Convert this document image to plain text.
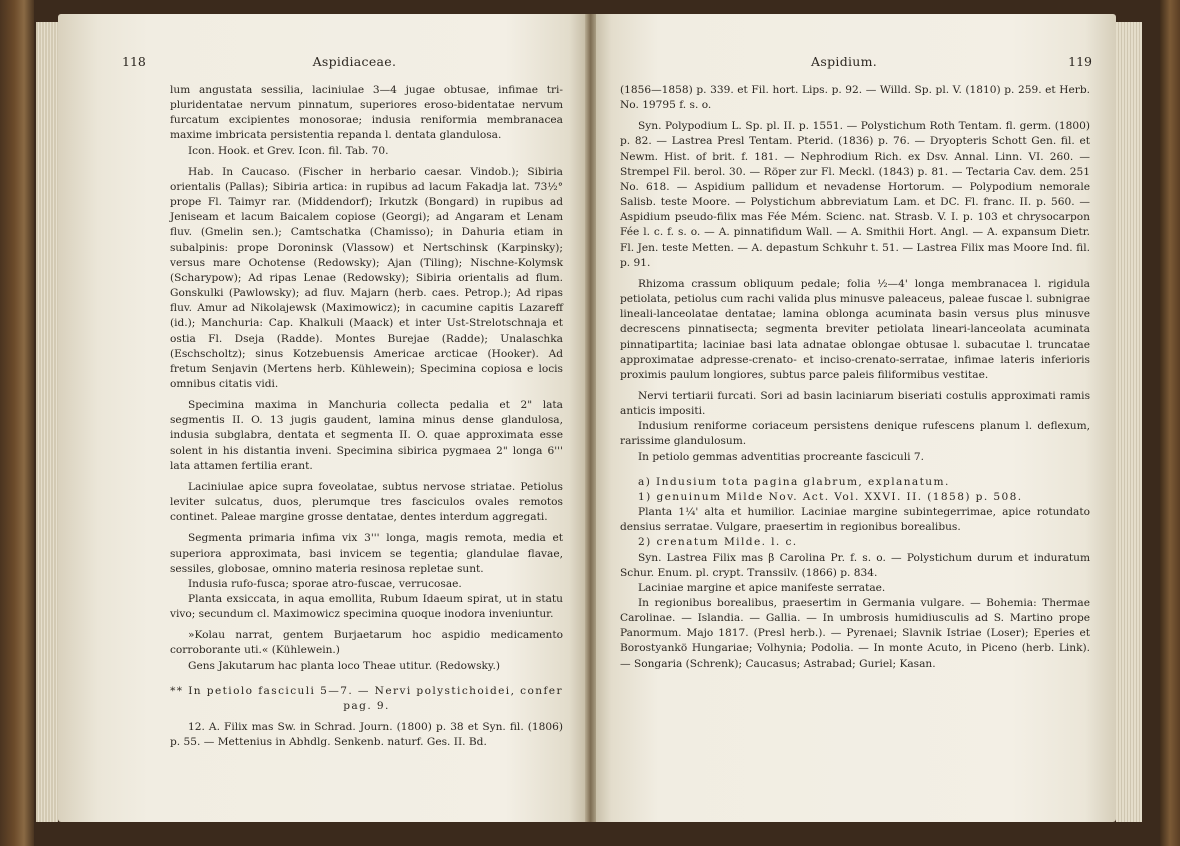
118	Aspidiaceae.

lum angustata sessilia, laciniulae 3—4 jugae obtusae, infimae tri-pluridentatae nervum pinnatum, superiores eroso-bidentatae nervum furcatum excipientes monosorae; indusia reniformia membranacea maxime imbricata persistentia repanda l. dentata glandulosa.

Icon. Hook. et Grev. Icon. fil. Tab. 70.

Hab. In Caucaso. (Fischer in herbario caesar. Vindob.); Sibiria orientalis (Pallas); Sibiria artica: in rupibus ad lacum Fakadja lat. 73½° prope Fl. Taimyr rar. (Middendorf); Irkutzk (Bongard) in rupibus ad Jeniseam et lacum Baicalem copiose (Georgi); ad Angaram et Lenam fluv. (Gmelin sen.); Camtschatka (Chamisso); in Dahuria etiam in subalpinis: prope Doroninsk (Vlassow) et Nertschinsk (Karpinsky); versus mare Ochotense (Redowsky); Ajan (Tiling); Nischne-Kolymsk (Scharypow); Ad ripas Lenae (Redowsky); Sibiria orientalis ad flum. Gonskulki (Pawlowsky); ad fluv. Majarn (herb. caes. Petrop.); Ad ripas fluv. Amur ad Nikolajewsk (Maximowicz); in cacumine capitis Lazareff (id.); Manchuria: Cap. Khalkuli (Maack) et inter Ust-Strelotschnaja et ostia Fl. Dseja (Radde). Montes Burejae (Radde); Unalaschka (Eschscholtz); sinus Kotzebuensis Americae arcticae (Hooker). Ad fretum Senjavin (Mertens herb. Kühlewein); Specimina copiosa e locis omnibus citatis vidi.

Specimina maxima in Manchuria collecta pedalia et 2" lata segmentis II. O. 13 jugis gaudent, lamina minus dense glandulosa, indusia subglabra, dentata et segmenta II. O. quae approximata esse solent in his distantia inveni. Specimina sibirica pygmaea 2" longa 6''' lata attamen fertilia erant.

Laciniulae apice supra foveolatae, subtus nervose striatae. Petiolus leviter sulcatus, duos, plerumque tres fasciculos ovales remotos continet. Paleae margine grosse dentatae, dentes interdum aggregati.

Segmenta primaria infima vix 3''' longa, magis remota, media et superiora approximata, basi invicem se tegentia; glandulae flavae, sessiles, globosae, omnino materia resinosa repletae sunt.

Indusia rufo-fusca; sporae atro-fuscae, verrucosae.

Planta exsiccata, in aqua emollita, Rubum Idaeum spirat, ut in statu vivo; secundum cl. Maximowicz specimina quoque inodora inveniuntur.

»Kolau narrat, gentem Burjaetarum hoc aspidio medicamento corroborante uti.« (Kühlewein.)

Gens Jakutarum hac planta loco Theae utitur. (Redowsky.)

** In petiolo fasciculi 5—7. — Nervi polystichoidei, confer pag. 9.

12. A. Filix mas Sw. in Schrad. Journ. (1800) p. 38 et Syn. fil. (1806) p. 55. — Mettenius in Abhdlg. Senkenb. naturf. Ges. II. Bd.

Aspidium.	119

(1856—1858) p. 339. et Fil. hort. Lips. p. 92. — Willd. Sp. pl. V. (1810) p. 259. et Herb. No. 19795 f. s. o.

Syn. Polypodium L. Sp. pl. II. p. 1551. — Polystichum Roth Tentam. fl. germ. (1800) p. 82. — Lastrea Presl Tentam. Pterid. (1836) p. 76. — Dryopteris Schott Gen. fil. et Newm. Hist. of brit. f. 181. — Nephrodium Rich. ex Dsv. Annal. Linn. VI. 260. — Strempel Fil. berol. 30. — Röper zur Fl. Meckl. (1843) p. 81. — Tectaria Cav. dem. 251 No. 618. — Aspidium pallidum et nevadense Hortorum. — Polypodium nemorale Salisb. teste Moore. — Polystichum abbreviatum Lam. et DC. Fl. franc. II. p. 560. — Aspidium pseudo-filix mas Fée Mém. Scienc. nat. Strasb. V. I. p. 103 et chrysocarpon Fée l. c. f. s. o. — A. pinnatifidum Wall. — A. Smithii Hort. Angl. — A. expansum Dietr. Fl. Jen. teste Metten. — A. depastum Schkuhr t. 51. — Lastrea Filix mas Moore Ind. fil. p. 91.

Rhizoma crassum obliquum pedale; folia ½—4' longa membranacea l. rigidula petiolata, petiolus cum rachi valida plus minusve paleaceus, paleae fuscae l. subnigrae lineali-lanceolatae dentatae; lamina oblonga acuminata basin versus plus minusve decrescens pinnatisecta; segmenta breviter petiolata lineari-lanceolata acuminata pinnatipartita; laciniae basi lata adnatae oblongae obtusae l. subacutae l. truncatae approximatae adpresse-crenato- et inciso-crenato-serratae, infimae lateris inferioris proximis paulum longiores, subtus parce paleis filiformibus vestitae.

Nervi tertiarii furcati. Sori ad basin laciniarum biseriati costulis approximati ramis anticis impositi.

Indusium reniforme coriaceum persistens denique rufescens planum l. deflexum, rarissime glandulosum.

In petiolo gemmas adventitias procreante fasciculi 7.

a) Indusium tota pagina glabrum, explanatum.

1) genuinum Milde Nov. Act. Vol. XXVI. II. (1858) p. 508.

Planta 1¼' alta et humilior. Laciniae margine subintegerrimae, apice rotundato densius serratae. Vulgare, praesertim in regionibus borealibus.

2) crenatum Milde. l. c.

Syn. Lastrea Filix mas β Carolina Pr. f. s. o. — Polystichum durum et induratum Schur. Enum. pl. crypt. Transsilv. (1866) p. 834.

Laciniae margine et apice manifeste serratae.

In regionibus borealibus, praesertim in Germania vulgare. — Bohemia: Thermae Carolinae. — Islandia. — Gallia. — In umbrosis humidiusculis ad S. Martino prope Panormum. Majo 1817. (Presl herb.). — Pyrenaei; Slavnik Istriae (Loser); Eperies et Borostyankö Hungariae; Volhynia; Podolia. — In monte Acuto, in Piceno (herb. Link). — Songaria (Schrenk); Caucasus; Astrabad; Guriel; Kasan.
